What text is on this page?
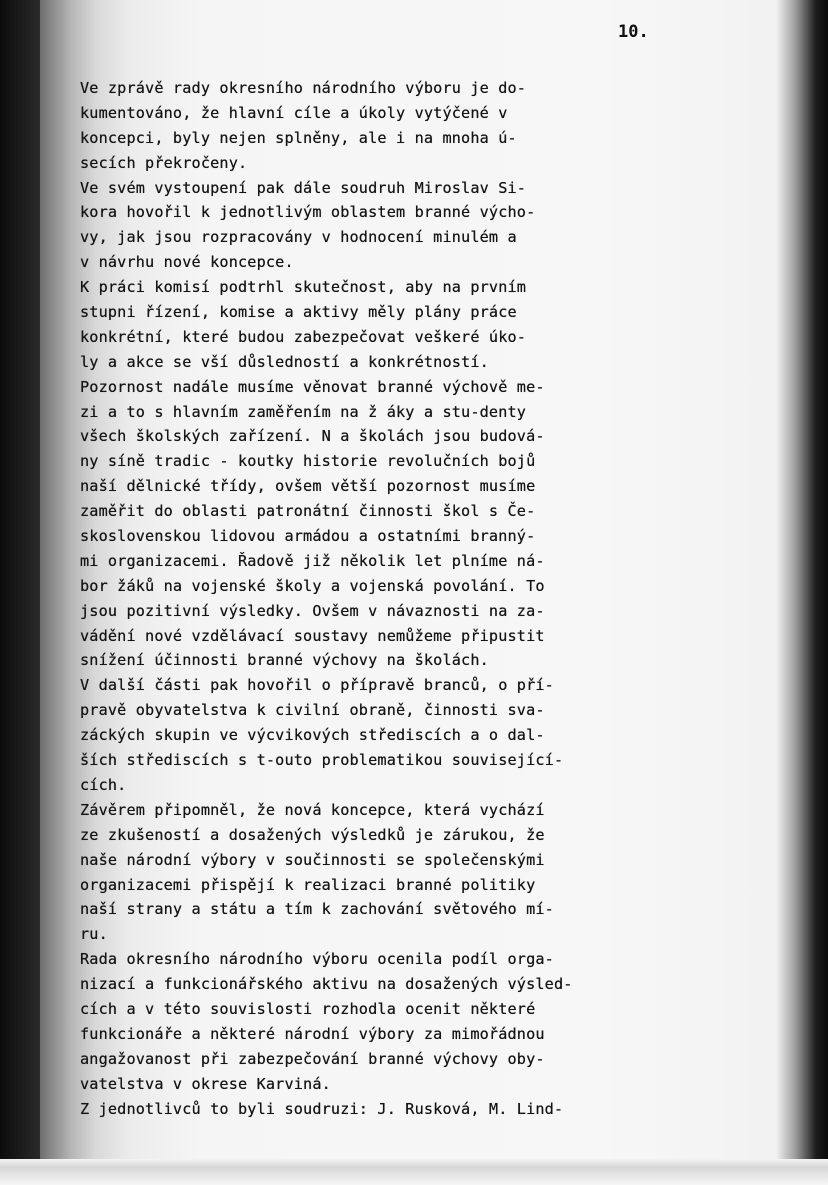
10.
Ve zprávě rady okresního národního výboru je do-
kumentováno, že hlavní cíle a úkoly vytýčené v
koncepci, byly nejen splněny, ale i na mnoha ú-
secích překročeny.
Ve svém vystoupení pak dále soudruh Miroslav Si-
kora hovořil k jednotlivým oblastem branné výcho-
vy, jak jsou rozpracovány v hodnocení minulém a
v návrhu nové koncepce.
K práci komisí podtrhl skutečnost, aby na prvním
stupni řízení, komise a aktivy měly plány práce
konkrétní, které budou zabezpečovat veškeré úko-
ly a akce se vší důsledností a konkrétností.
Pozornost nadále musíme věnovat branné výchově me-
zi a to s hlavním zaměřením na ž áky a stu-denty
všech školských zařízení. N a školách jsou budová-
ny síně tradic - koutky historie revolučních bojů
naší dělnické třídy, ovšem větší pozornost musíme
zaměřit do oblasti patronátní činnosti škol s Če-
skoslovenskou lidovou armádou a ostatními branný-
mi organizacemi. Řadově již několik let plníme ná-
bor žáků na vojenské školy a vojenská povolání. To
jsou pozitivní výsledky. Ovšem v návaznosti na za-
vádění nové vzdělávací soustavy nemůžeme připustit
snížení účinnosti branné výchovy na školách.
V další části pak hovořil o přípravě branců, o pří-
pravě obyvatelstva k civilní obraně, činnosti sva-
záckých skupin ve výcvikových střediscích a o dal-
ších střediscích s t-outo problematikou související-
cích.
Závěrem připomněl, že nová koncepce, která vychází
ze zkušeností a dosažených výsledků je zárukou, že
naše národní výbory v součinnosti se společenskými
organizacemi přispějí k realizaci branné politiky
naší strany a státu a tím k zachování světového mí-
ru.
Rada okresního národního výboru ocenila podíl orga-
nizací a funkcionářského aktivu na dosažených výsled-
cích a v této souvislosti rozhodla ocenit některé
funkcionáře a některé národní výbory za mimořádnou
angažovanost při zabezpečování branné výchovy oby-
vatelstva v okrese Karviná.
Z jednotlivců to byli soudruzi: J. Rusková, M. Lind-
